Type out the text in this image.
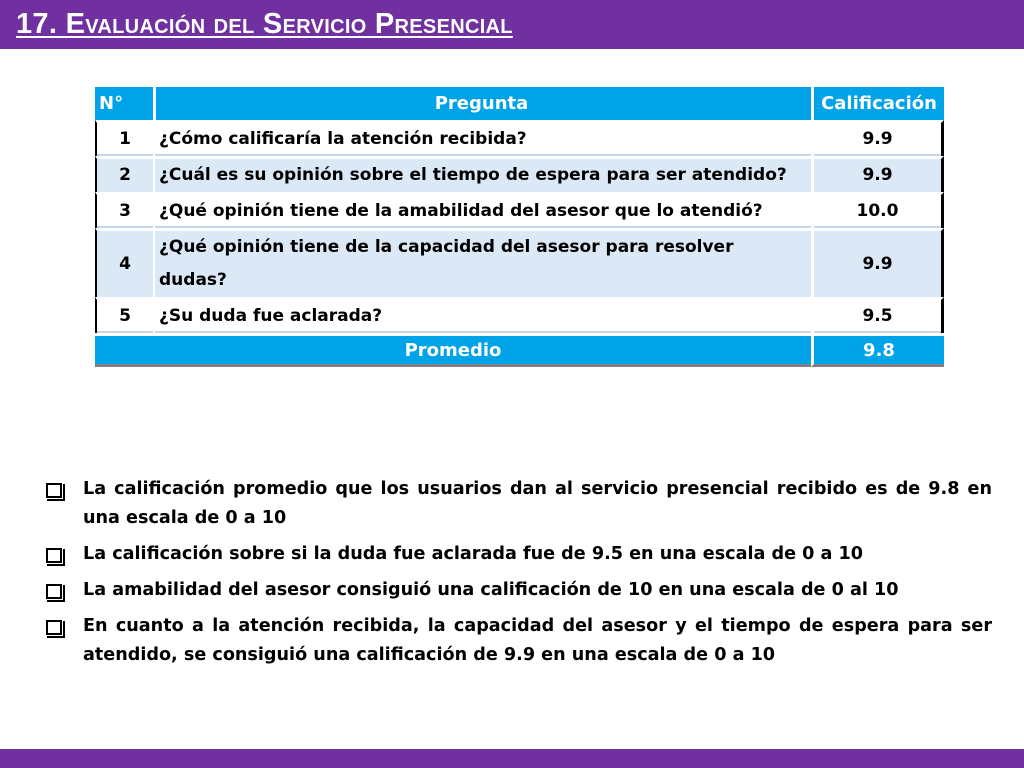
17. Evaluación del Servicio Presencial
N°	Pregunta	Calificación
1	¿Cómo calificaría la atención recibida?	9.9
2	¿Cuál es su opinión sobre el tiempo de espera para ser atendido?	9.9
3	¿Qué opinión tiene de la amabilidad del asesor que lo atendió?	10.0
4	¿Qué opinión tiene de la capacidad del asesor para resolver dudas?	9.9
5	¿Su duda fue aclarada?	9.5
Promedio		9.8
La calificación promedio que los usuarios dan al servicio presencial recibido es de 9.8 en una escala de 0 a 10
La calificación sobre si la duda fue aclarada fue de 9.5 en una escala de 0 a 10
La amabilidad del asesor consiguió una calificación de 10 en una escala de 0 al 10
En cuanto a la atención recibida, la capacidad del asesor y el tiempo de espera para ser atendido, se consiguió una calificación de 9.9 en una escala de 0 a 10
